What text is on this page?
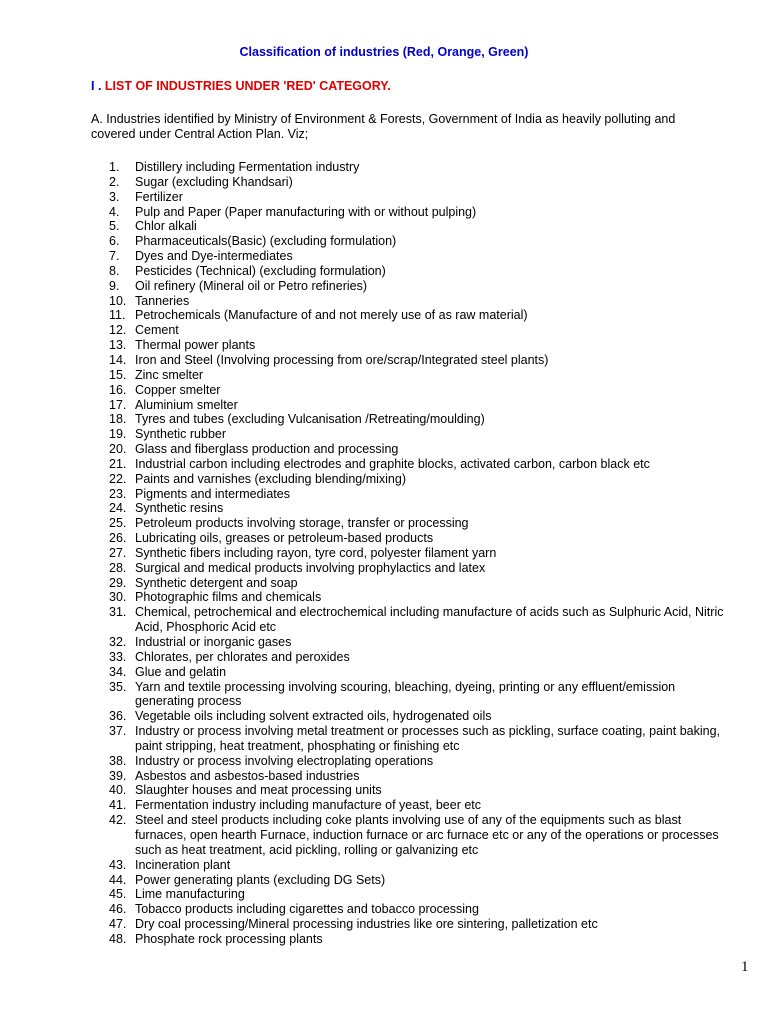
Classification of industries (Red, Orange, Green)
I . LIST OF INDUSTRIES UNDER 'RED' CATEGORY.
A. Industries identified by Ministry of Environment & Forests, Government of India as heavily polluting and covered under Central Action Plan. Viz;
1. Distillery including Fermentation industry
2. Sugar (excluding Khandsari)
3. Fertilizer
4. Pulp and Paper (Paper manufacturing with or without pulping)
5. Chlor alkali
6. Pharmaceuticals(Basic) (excluding formulation)
7. Dyes and Dye-intermediates
8. Pesticides (Technical) (excluding formulation)
9. Oil refinery (Mineral oil or Petro refineries)
10. Tanneries
11. Petrochemicals (Manufacture of and not merely use of as raw material)
12. Cement
13. Thermal power plants
14. Iron and Steel (Involving processing from ore/scrap/Integrated steel plants)
15. Zinc smelter
16. Copper smelter
17. Aluminium smelter
18. Tyres and tubes (excluding Vulcanisation /Retreating/moulding)
19. Synthetic rubber
20. Glass and fiberglass production and processing
21. Industrial carbon including electrodes and graphite blocks, activated carbon, carbon black etc
22. Paints and varnishes (excluding blending/mixing)
23. Pigments and intermediates
24. Synthetic resins
25. Petroleum products involving storage, transfer or processing
26. Lubricating oils, greases or petroleum-based products
27. Synthetic fibers including rayon, tyre cord, polyester filament yarn
28. Surgical and medical products involving prophylactics and latex
29. Synthetic detergent and soap
30. Photographic films and chemicals
31. Chemical, petrochemical and electrochemical including manufacture of acids such as Sulphuric Acid, Nitric Acid, Phosphoric Acid etc
32. Industrial or inorganic gases
33. Chlorates, per chlorates and peroxides
34. Glue and gelatin
35. Yarn and textile processing involving scouring, bleaching, dyeing, printing or any effluent/emission generating process
36. Vegetable oils including solvent extracted oils, hydrogenated oils
37. Industry or process involving metal treatment or processes such as pickling, surface coating, paint baking, paint stripping, heat treatment, phosphating or finishing etc
38. Industry or process involving electroplating operations
39. Asbestos and asbestos-based industries
40. Slaughter houses and meat processing units
41. Fermentation industry including manufacture of yeast, beer etc
42. Steel and steel products including coke plants involving use of any of the equipments such as blast furnaces, open hearth Furnace, induction furnace or arc furnace etc or any of the operations or processes such as heat treatment, acid pickling, rolling or galvanizing etc
43. Incineration plant
44. Power generating plants (excluding DG Sets)
45. Lime manufacturing
46. Tobacco products including cigarettes and tobacco processing
47. Dry coal processing/Mineral processing industries like ore sintering, palletization etc
48. Phosphate rock processing plants
1
